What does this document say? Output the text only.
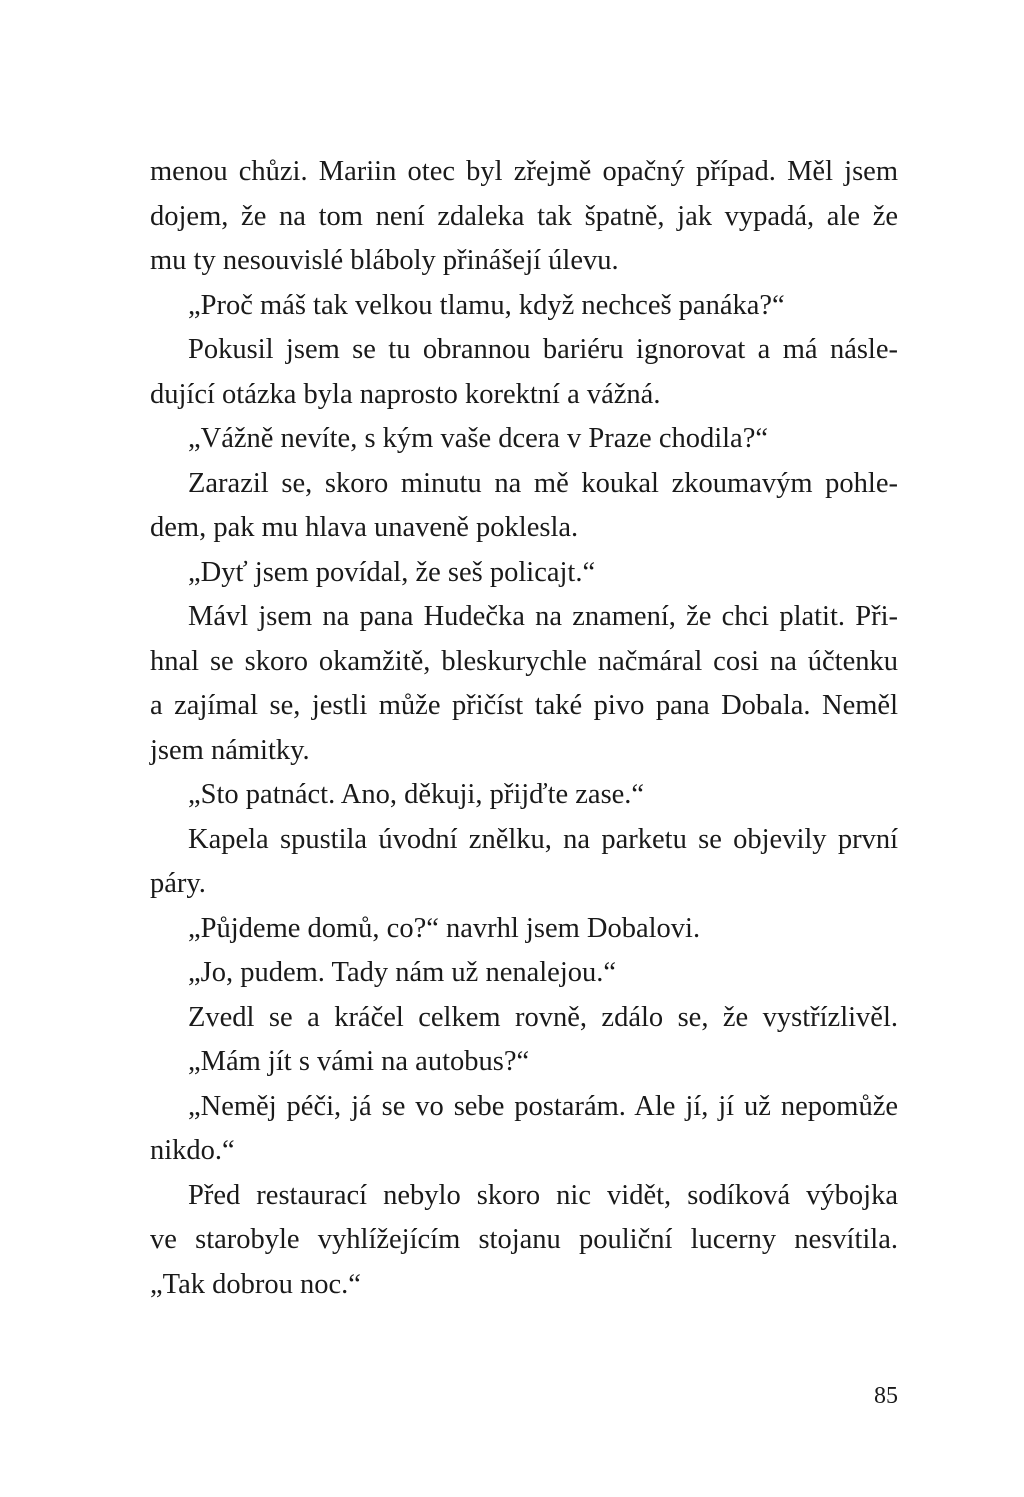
menou chůzi. Mariin otec byl zřejmě opačný případ. Měl jsem
dojem, že na tom není zdaleka tak špatně, jak vypadá, ale že
mu ty nesouvislé bláboly přinášejí úlevu.
„Proč máš tak velkou tlamu, když nechceš panáka?“
Pokusil jsem se tu obrannou bariéru ignorovat a má násle-
dující otázka byla naprosto korektní a vážná.
„Vážně nevíte, s kým vaše dcera v Praze chodila?“
Zarazil se, skoro minutu na mě koukal zkoumavým pohle-
dem, pak mu hlava unaveně poklesla.
„Dyť jsem povídal, že seš policajt.“
Mávl jsem na pana Hudečka na znamení, že chci platit. Při-
hnal se skoro okamžitě, bleskurychle načmáral cosi na účtenku
a zajímal se, jestli může přičíst také pivo pana Dobala. Neměl
jsem námitky.
„Sto patnáct. Ano, děkuji, přijďte zase.“
Kapela spustila úvodní znělku, na parketu se objevily první
páry.
„Půjdeme domů, co?“ navrhl jsem Dobalovi.
„Jo, pudem. Tady nám už nenalejou.“
Zvedl se a kráčel celkem rovně, zdálo se, že vystřízlivěl.
„Mám jít s vámi na autobus?“
„Neměj péči, já se vo sebe postarám. Ale jí, jí už nepomůže
nikdo.“
Před restaurací nebylo skoro nic vidět, sodíková výbojka
ve starobyle vyhlížejícím stojanu pouliční lucerny nesvítila.
„Tak dobrou noc.“
85
